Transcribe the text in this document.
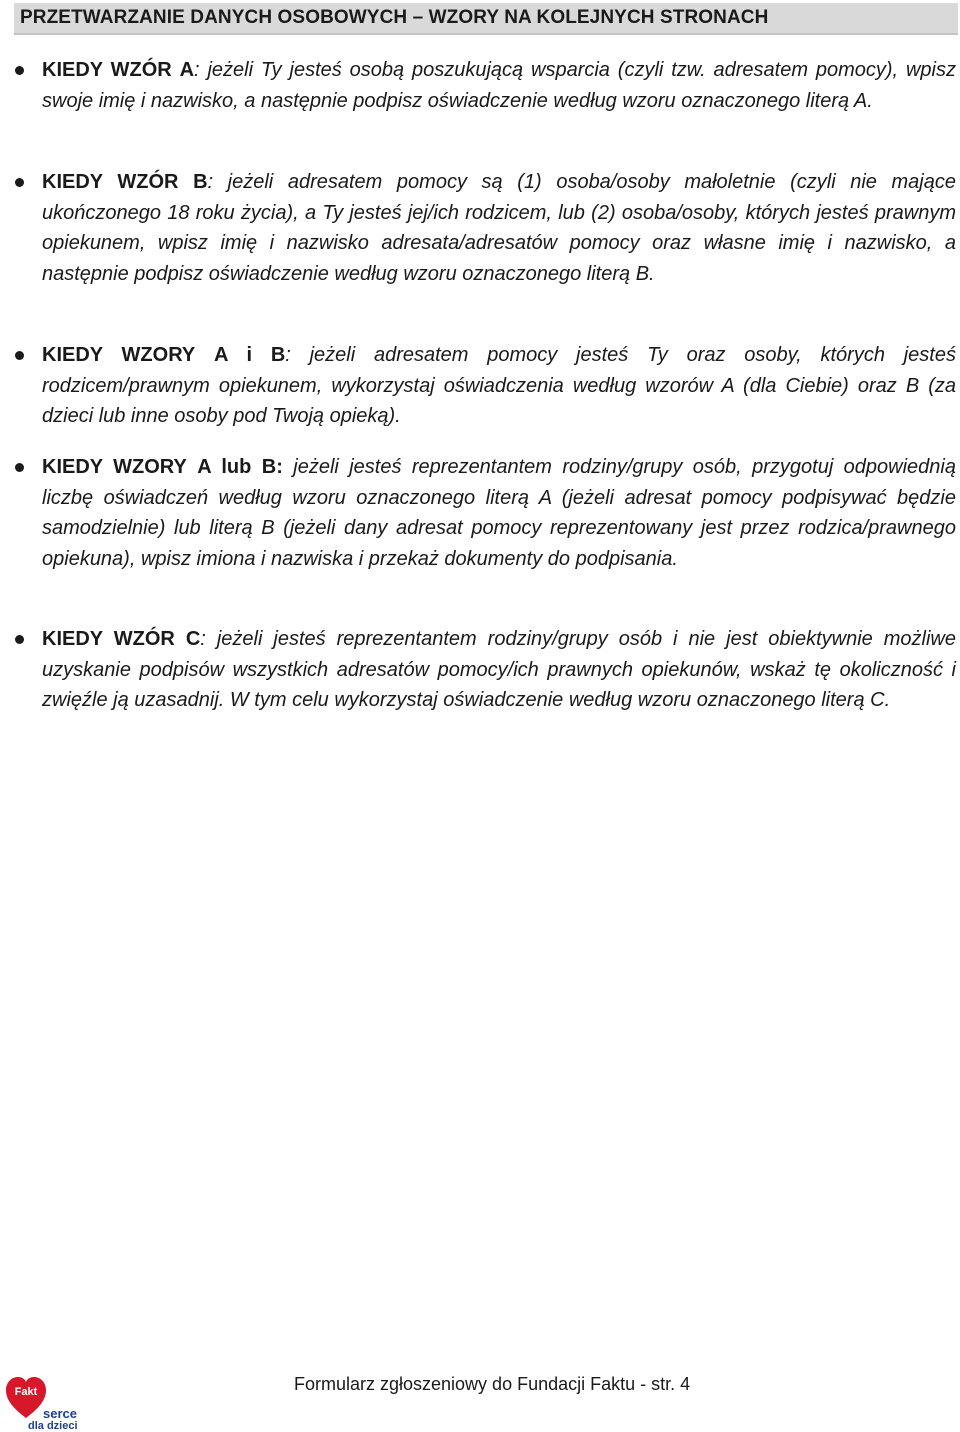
PRZETWARZANIE DANYCH OSOBOWYCH – WZORY NA KOLEJNYCH STRONACH
KIEDY WZÓR A: jeżeli Ty jesteś osobą poszukującą wsparcia (czyli tzw. adresatem pomocy), wpisz swoje imię i nazwisko, a następnie podpisz oświadczenie według wzoru oznaczonego literą A.
KIEDY WZÓR B: jeżeli adresatem pomocy są (1) osoba/osoby małoletnie (czyli nie mające ukończonego 18 roku życia), a Ty jesteś jej/ich rodzicem, lub (2) osoba/osoby, których jesteś prawnym opiekunem, wpisz imię i nazwisko adresata/adresatów pomocy oraz własne imię i nazwisko, a następnie podpisz oświadczenie według wzoru oznaczonego literą B.
KIEDY WZORY A i B: jeżeli adresatem pomocy jesteś Ty oraz osoby, których jesteś rodzicem/prawnym opiekunem, wykorzystaj oświadczenia według wzorów A (dla Ciebie) oraz B (za dzieci lub inne osoby pod Twoją opieką).
KIEDY WZORY A lub B: jeżeli jesteś reprezentantem rodziny/grupy osób, przygotuj odpowiednią liczbę oświadczeń według wzoru oznaczonego literą A (jeżeli adresat pomocy podpisywać będzie samodzielnie) lub literą B (jeżeli dany adresat pomocy reprezentowany jest przez rodzica/prawnego opiekuna), wpisz imiona i nazwiska i przekaż dokumenty do podpisania.
KIEDY WZÓR C: jeżeli jesteś reprezentantem rodziny/grupy osób i nie jest obiektywnie możliwe uzyskanie podpisów wszystkich adresatów pomocy/ich prawnych opiekunów, wskaż tę okoliczność i zwięźle ją uzasadnij. W tym celu wykorzystaj oświadczenie według wzoru oznaczonego literą C.
Fakt
serce
dla dzieci
Formularz zgłoszeniowy do Fundacji Faktu - str. 4
